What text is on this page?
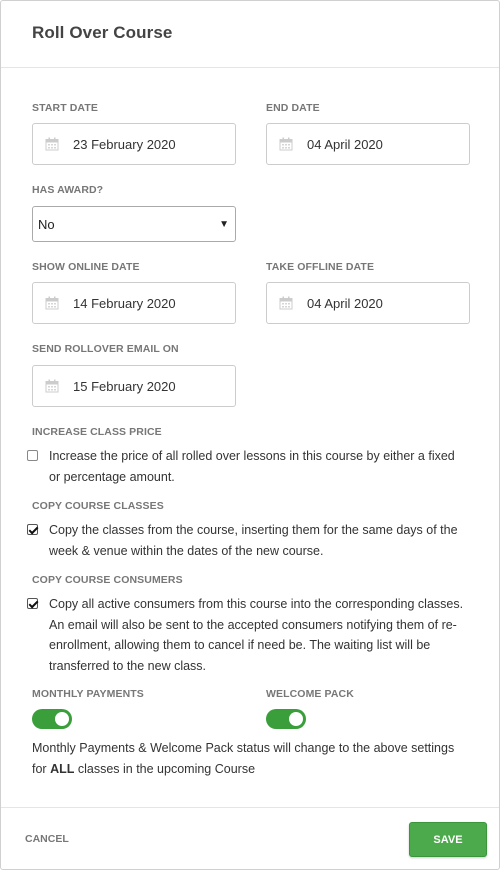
Roll Over Course
START DATE
23 February 2020
END DATE
04 April 2020
HAS AWARD?
No	▼
SHOW ONLINE DATE
14 February 2020
TAKE OFFLINE DATE
04 April 2020
SEND ROLLOVER EMAIL ON
15 February 2020
INCREASE CLASS PRICE
Increase the price of all rolled over lessons in this course by either a fixed or percentage amount.
COPY COURSE CLASSES
Copy the classes from the course, inserting them for the same days of the week & venue within the dates of the new course.
COPY COURSE CONSUMERS
Copy all active consumers from this course into the corresponding classes. An email will also be sent to the accepted consumers notifying them of re-enrollment, allowing them to cancel if need be. The waiting list will be transferred to the new class.
MONTHLY PAYMENTS	WELCOME PACK
Monthly Payments & Welcome Pack status will change to the above settings for ALL classes in the upcoming Course
CANCEL	SAVE
